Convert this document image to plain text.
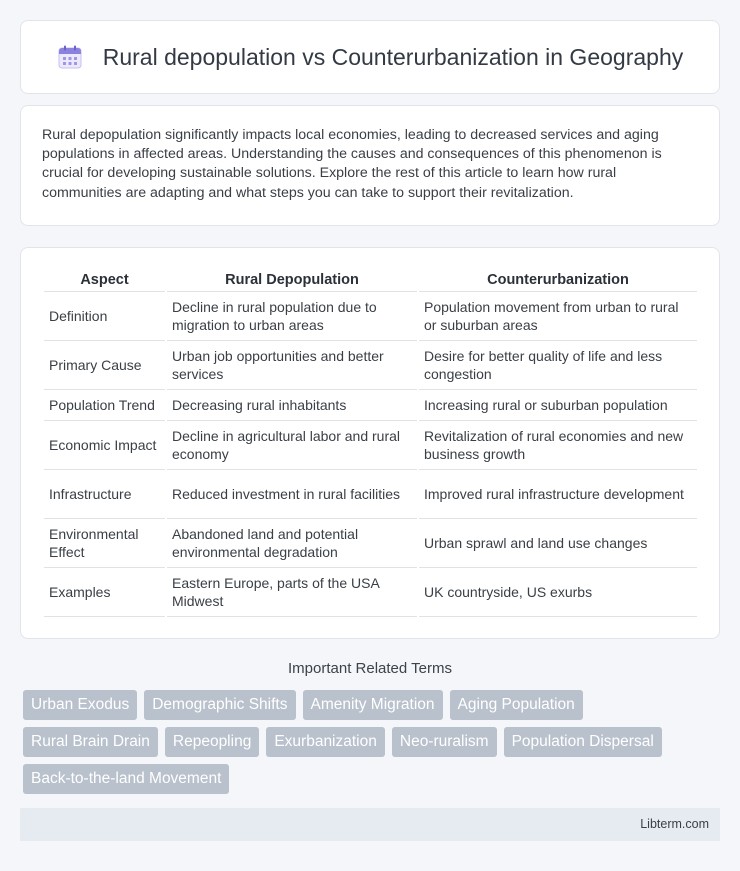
Rural depopulation vs Counterurbanization in Geography

Rural depopulation significantly impacts local economies, leading to decreased services and aging populations in affected areas. Understanding the causes and consequences of this phenomenon is crucial for developing sustainable solutions. Explore the rest of this article to learn how rural communities are adapting and what steps you can take to support their revitalization.

Aspect	Rural Depopulation	Counterurbanization
Definition	Decline in rural population due to migration to urban areas	Population movement from urban to rural or suburban areas
Primary Cause	Urban job opportunities and better services	Desire for better quality of life and less congestion
Population Trend	Decreasing rural inhabitants	Increasing rural or suburban population
Economic Impact	Decline in agricultural labor and rural economy	Revitalization of rural economies and new business growth
Infrastructure	Reduced investment in rural facilities	Improved rural infrastructure development
Environmental Effect	Abandoned land and potential environmental degradation	Urban sprawl and land use changes
Examples	Eastern Europe, parts of the USA Midwest	UK countryside, US exurbs
Important Related Terms
Urban Exodus	Demographic Shifts	Amenity Migration	Aging Population
Rural Brain Drain	Repeopling	Exurbanization	Neo-ruralism	Population Dispersal
Back-to-the-land Movement
Libterm.com
